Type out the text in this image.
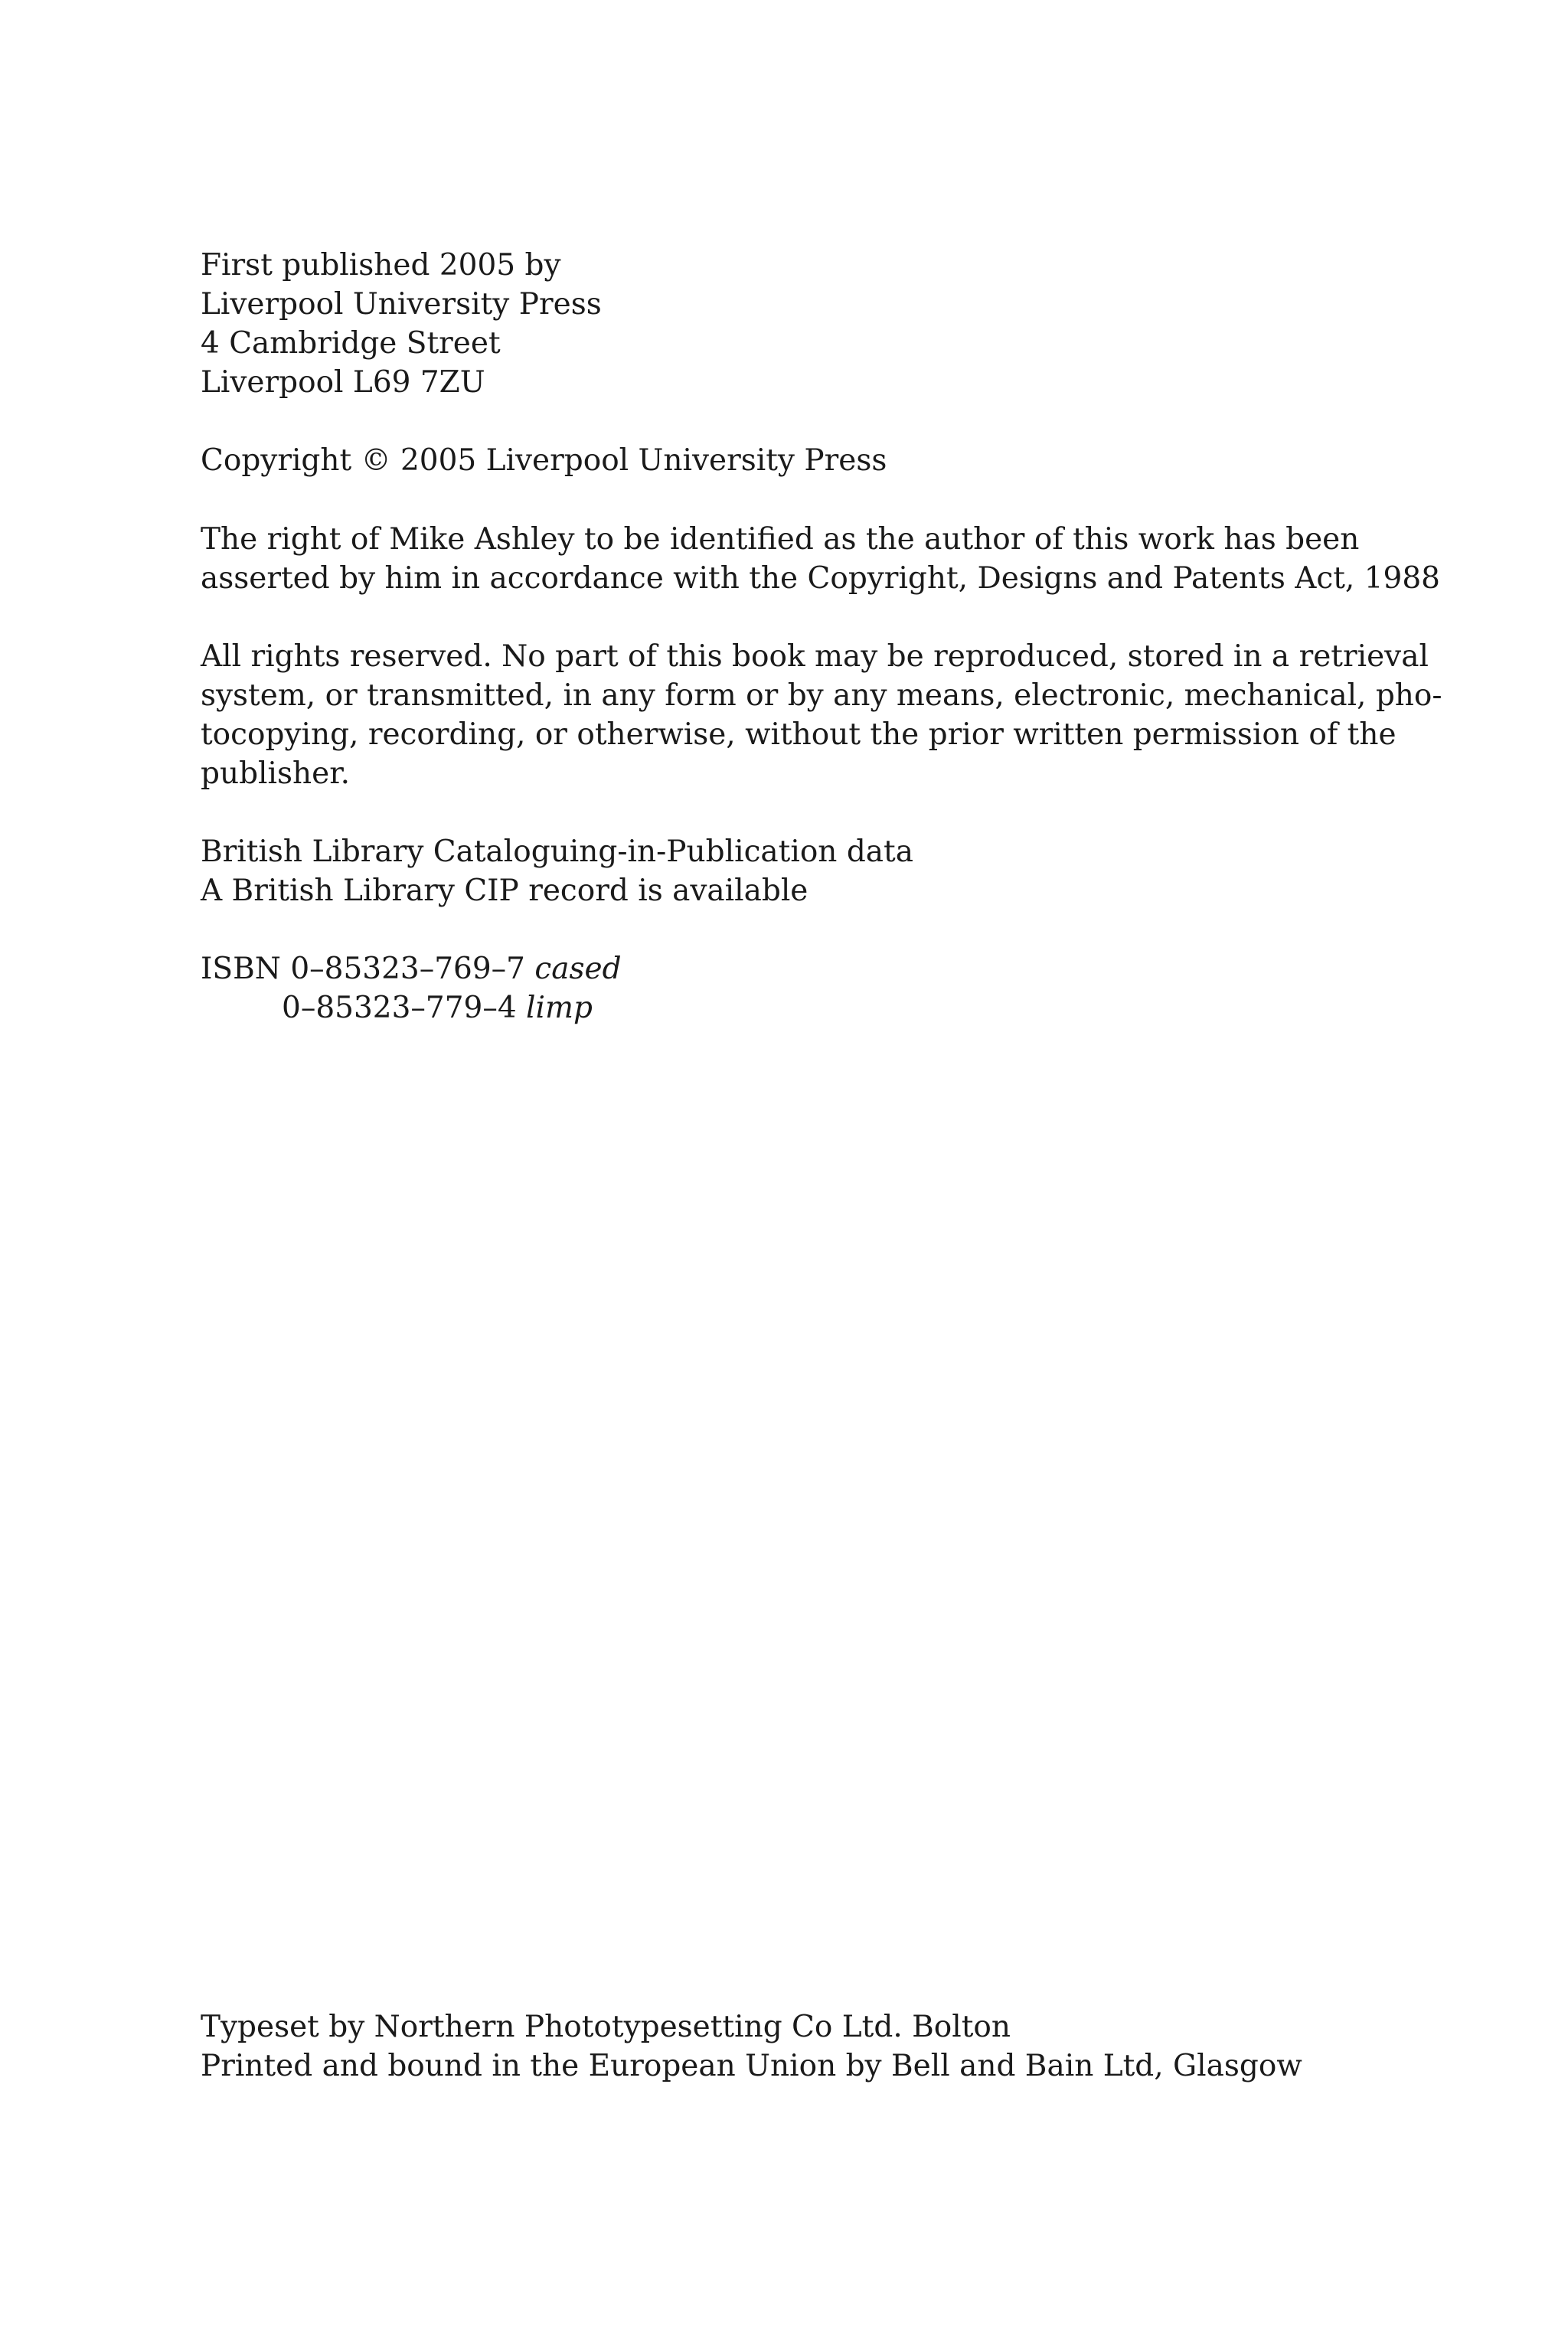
First published 2005 by

Liverpool University Press

4 Cambridge Street

Liverpool L69 7ZU

Copyright © 2005 Liverpool University Press

The right of Mike Ashley to be identified as the author of this work has been

asserted by him in accordance with the Copyright, Designs and Patents Act, 1988

All rights reserved. No part of this book may be reproduced, stored in a retrieval

system, or transmitted, in any form or by any means, electronic, mechanical, pho-

tocopying, recording, or otherwise, without the prior written permission of the

publisher.

British Library Cataloguing-in-Publication data

A British Library CIP record is available

ISBN 0–85323–769–7 cased

0–85323–779–4 limp

Typeset by Northern Phototypesetting Co Ltd. Bolton

Printed and bound in the European Union by Bell and Bain Ltd, Glasgow
